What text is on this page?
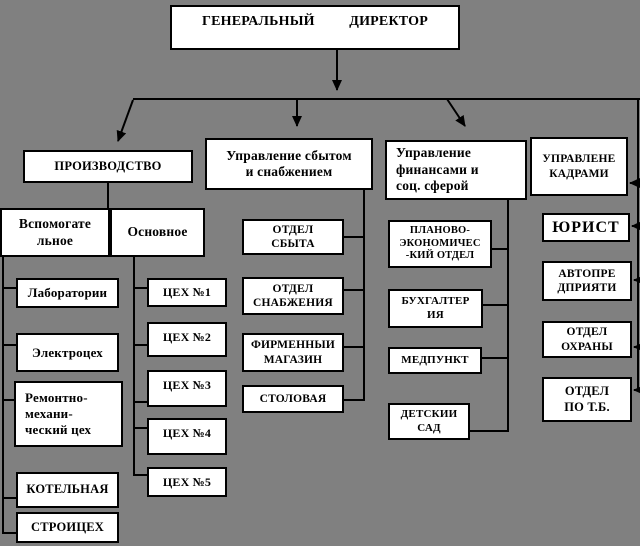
ГЕНЕРАЛЬНЫЙ ДИРЕКТОР
ПРОИЗВОДСТВО
Управление сбытом
и снабжением
Управление
финансами и
соц. сферой
УПРАВЛЕНЕ
КАДРАМИ
Вспомогате
льное
Основное
Лаборатории
Электроцех
Ремонтно-
механи-
ческий цех
КОТЕЛЬНАЯ
СТРОИЦЕХ
ЦЕХ №1
ЦЕХ №2
ЦЕХ №3
ЦЕХ №4
ЦЕХ №5
ОТДЕЛ
СБЫТА
ОТДЕЛ
СНАБЖЕНИЯ
ФИРМЕННЫИ
МАГАЗИН
СТОЛОВАЯ
ПЛАНОВО-
ЭКОНОМИЧЕС
-КИЙ ОТДЕЛ
БУХГАЛТЕР
ИЯ
МЕДПУНКТ
ДЕТСКИИ
САД
ЮРИСТ
АВТОПРЕ
ДПРИЯТИ
ОТДЕЛ
ОХРАНЫ
ОТДЕЛ
ПО Т.Б.
